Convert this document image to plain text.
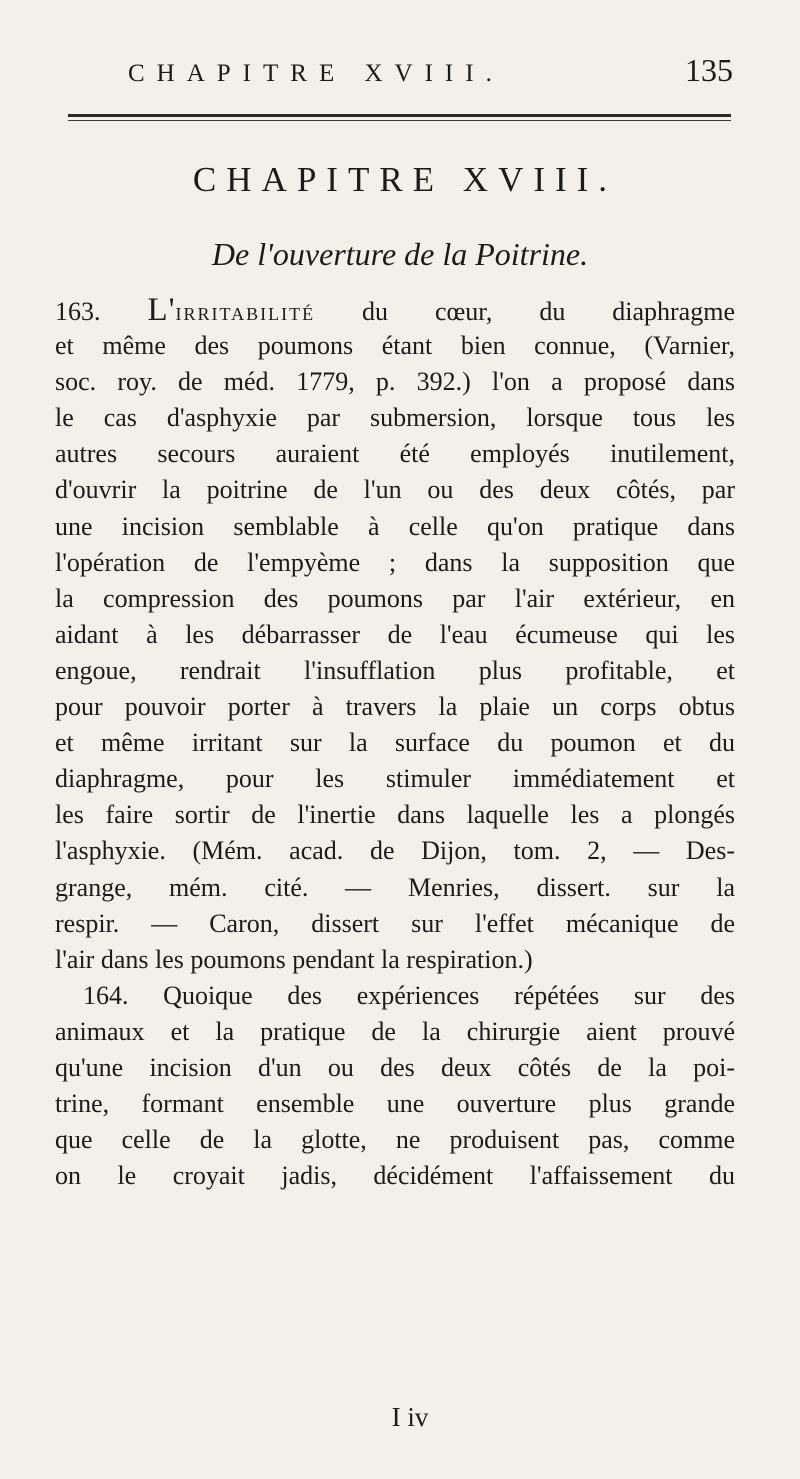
CHAPITRE XVIII.	135
CHAPITRE XVIII.
De l'ouverture de la Poitrine.
163. L'irritabilité du cœur, du diaphragme
et même des poumons étant bien connue, (Varnier,
soc. roy. de méd. 1779, p. 392.) l'on a proposé dans
le cas d'asphyxie par submersion, lorsque tous les
autres secours auraient été employés inutilement,
d'ouvrir la poitrine de l'un ou des deux côtés, par
une incision semblable à celle qu'on pratique dans
l'opération de l'empyème ; dans la supposition que
la compression des poumons par l'air extérieur, en
aidant à les débarrasser de l'eau écumeuse qui les
engoue, rendrait l'insufflation plus profitable, et
pour pouvoir porter à travers la plaie un corps obtus
et même irritant sur la surface du poumon et du
diaphragme, pour les stimuler immédiatement et
les faire sortir de l'inertie dans laquelle les a plongés
l'asphyxie. (Mém. acad. de Dijon, tom. 2, — Des-
grange, mém. cité. — Menries, dissert. sur la
respir. — Caron, dissert sur l'effet mécanique de
l'air dans les poumons pendant la respiration.)
164. Quoique des expériences répétées sur des
animaux et la pratique de la chirurgie aient prouvé
qu'une incision d'un ou des deux côtés de la poi-
trine, formant ensemble une ouverture plus grande
que celle de la glotte, ne produisent pas, comme
on le croyait jadis, décidément l'affaissement du
I iv
